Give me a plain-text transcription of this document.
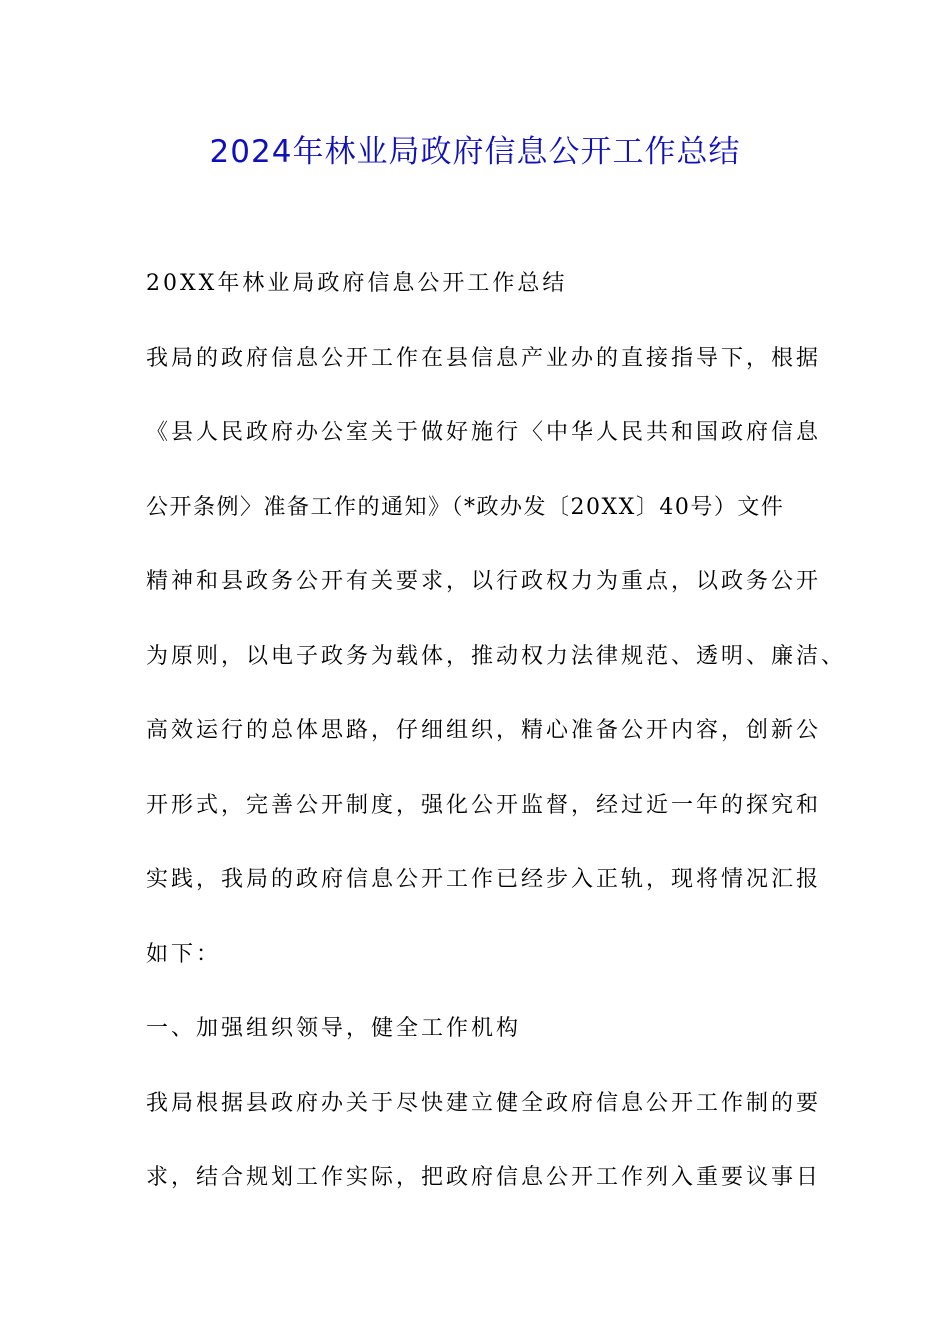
2024年林业局政府信息公开工作总结
20XX年林业局政府信息公开工作总结
我局的政府信息公开工作在县信息产业办的直接指导下，根据
《县人民政府办公室关于做好施行〈中华人民共和国政府信息
公开条例〉准备工作的通知》（*政办发〔20XX〕40号）文件
精神和县政务公开有关要求，以行政权力为重点，以政务公开
为原则，以电子政务为载体，推动权力法律规范、透明、廉洁、
高效运行的总体思路，仔细组织，精心准备公开内容，创新公
开形式，完善公开制度，强化公开监督，经过近一年的探究和
实践，我局的政府信息公开工作已经步入正轨，现将情况汇报
如下：
一、加强组织领导，健全工作机构
我局根据县政府办关于尽快建立健全政府信息公开工作制的要
求，结合规划工作实际，把政府信息公开工作列入重要议事日
